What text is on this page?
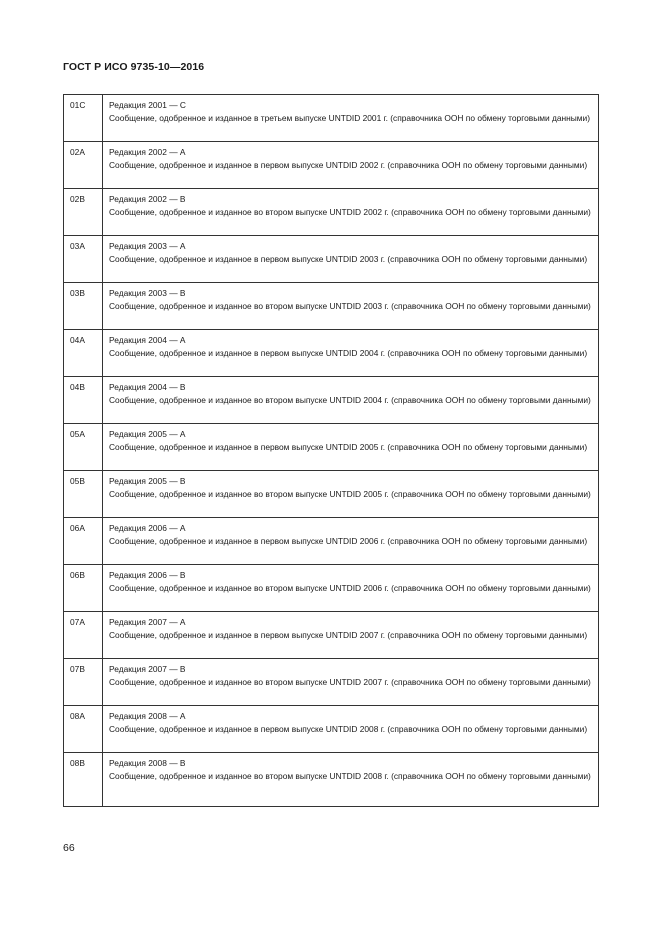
ГОСТ Р ИСО 9735-10—2016
01C	Редакция 2001 — C
Сообщение, одобренное и изданное в третьем выпуске UNTDID 2001 г. (справочника ООН по обмену торговыми данными)

02A	Редакция 2002 — A
Сообщение, одобренное и изданное в первом выпуске UNTDID 2002 г. (справочника ООН по обмену торговыми данными)

02B	Редакция 2002 — B
Сообщение, одобренное и изданное во втором выпуске UNTDID 2002 г. (справочника ООН по обмену торговыми данными)

03A	Редакция 2003 — A
Сообщение, одобренное и изданное в первом выпуске UNTDID 2003 г. (справочника ООН по обмену торговыми данными)

03B	Редакция 2003 — B
Сообщение, одобренное и изданное во втором выпуске UNTDID 2003 г. (справочника ООН по обмену торговыми данными)

04A	Редакция 2004 — A
Сообщение, одобренное и изданное в первом выпуске UNTDID 2004 г. (справочника ООН по обмену торговыми данными)

04B	Редакция 2004 — B
Сообщение, одобренное и изданное во втором выпуске UNTDID 2004 г. (справочника ООН по обмену торговыми данными)

05A	Редакция 2005 — A
Сообщение, одобренное и изданное в первом выпуске UNTDID 2005 г. (справочника ООН по обмену торговыми данными)

05B	Редакция 2005 — B
Сообщение, одобренное и изданное во втором выпуске UNTDID 2005 г. (справочника ООН по обмену торговыми данными)

06A	Редакция 2006 — A
Сообщение, одобренное и изданное в первом выпуске UNTDID 2006 г. (справочника ООН по обмену торговыми данными)

06B	Редакция 2006 — B
Сообщение, одобренное и изданное во втором выпуске UNTDID 2006 г. (справочника ООН по обмену торговыми данными)

07A	Редакция 2007 — A
Сообщение, одобренное и изданное в первом выпуске UNTDID 2007 г. (справочника ООН по обмену торговыми данными)

07B	Редакция 2007 — B
Сообщение, одобренное и изданное во втором выпуске UNTDID 2007 г. (справочника ООН по обмену торговыми данными)

08A	Редакция 2008 — A
Сообщение, одобренное и изданное в первом выпуске UNTDID 2008 г. (справочника ООН по обмену торговыми данными)

08B	Редакция 2008 — B
Сообщение, одобренное и изданное во втором выпуске UNTDID 2008 г. (справочника ООН по обмену торговыми данными)
66
